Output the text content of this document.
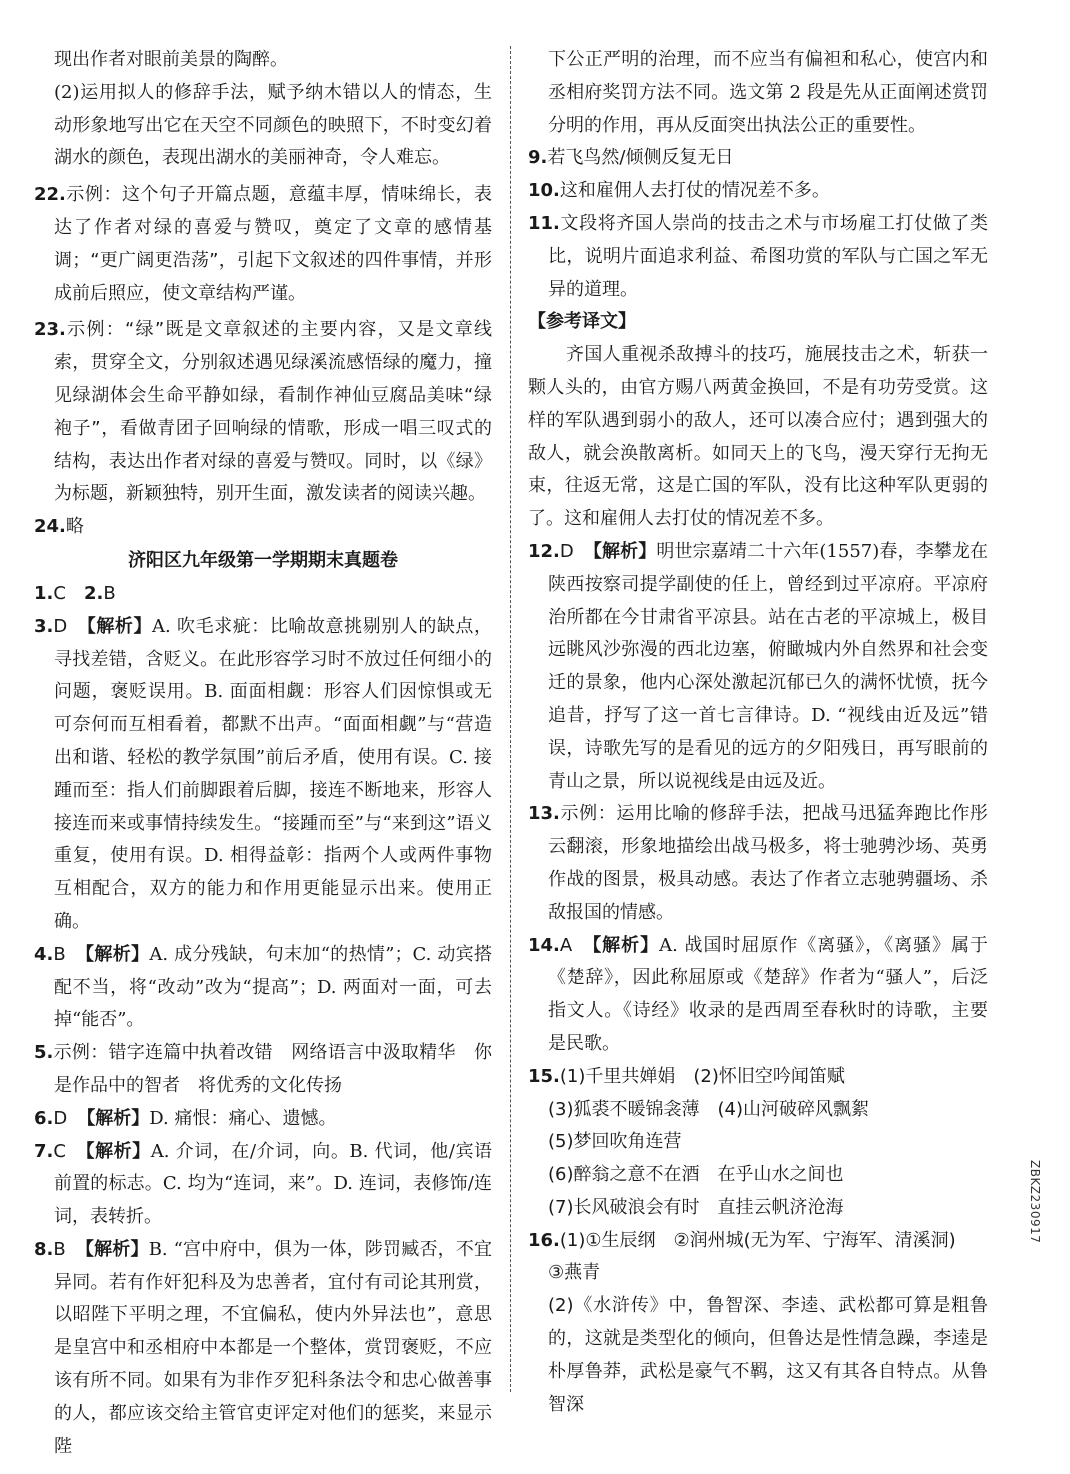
现出作者对眼前美景的陶醉。
(2)运用拟人的修辞手法，赋予纳木错以人的情态，生动形象地写出它在天空不同颜色的映照下，不时变幻着湖水的颜色，表现出湖水的美丽神奇，令人难忘。
22.示例：这个句子开篇点题，意蕴丰厚，情味绵长，表达了作者对绿的喜爱与赞叹，奠定了文章的感情基调；“更广阔更浩荡”，引起下文叙述的四件事情，并形成前后照应，使文章结构严谨。
23.示例：“绿”既是文章叙述的主要内容，又是文章线索，贯穿全文，分别叙述遇见绿溪流感悟绿的魔力，撞见绿湖体会生命平静如绿，看制作神仙豆腐品美味“绿袍子”，看做青团子回响绿的情歌，形成一唱三叹式的结构，表达出作者对绿的喜爱与赞叹。同时，以《绿》为标题，新颖独特，别开生面，激发读者的阅读兴趣。
24.略
济阳区九年级第一学期期末真题卷
1.C　 2.B
3.D 【解析】A. 吹毛求疵：比喻故意挑剔别人的缺点，寻找差错，含贬义。在此形容学习时不放过任何细小的问题，褒贬误用。B. 面面相觑：形容人们因惊惧或无可奈何而互相看着，都默不出声。“面面相觑”与“营造出和谐、轻松的教学氛围”前后矛盾，使用有误。C. 接踵而至：指人们前脚跟着后脚，接连不断地来，形容人接连而来或事情持续发生。“接踵而至”与“来到这”语义重复，使用有误。D. 相得益彰：指两个人或两件事物互相配合，双方的能力和作用更能显示出来。使用正确。
4.B 【解析】A. 成分残缺，句末加“的热情”；C. 动宾搭配不当，将“改动”改为“提高”；D. 两面对一面，可去掉“能否”。
5.示例：错字连篇中执着改错　网络语言中汲取精华　你是作品中的智者　将优秀的文化传扬
6.D 【解析】D. 痛恨：痛心、遗憾。
7.C 【解析】A. 介词，在/介词，向。B. 代词，他/宾语前置的标志。C. 均为“连词，来”。D. 连词，表修饰/连词，表转折。
8.B 【解析】B. “宫中府中，俱为一体，陟罚臧否，不宜异同。若有作奸犯科及为忠善者，宜付有司论其刑赏，以昭陛下平明之理，不宜偏私，使内外异法也”，意思是皇宫中和丞相府中本都是一个整体，赏罚褒贬，不应该有所不同。如果有为非作歹犯科条法令和忠心做善事的人，都应该交给主管官吏评定对他们的惩奖，来显示陛
下公正严明的治理，而不应当有偏袒和私心，使宫内和丞相府奖罚方法不同。选文第 2 段是先从正面阐述赏罚分明的作用，再从反面突出执法公正的重要性。
9.若飞鸟然/倾侧反复无日
10.这和雇佣人去打仗的情况差不多。
11.文段将齐国人崇尚的技击之术与市场雇工打仗做了类比，说明片面追求利益、希图功赏的军队与亡国之军无异的道理。
【参考译文】
齐国人重视杀敌搏斗的技巧，施展技击之术，斩获一颗人头的，由官方赐八两黄金换回，不是有功劳受赏。这样的军队遇到弱小的敌人，还可以凑合应付；遇到强大的敌人，就会涣散离析。如同天上的飞鸟，漫天穿行无拘无束，往返无常，这是亡国的军队，没有比这种军队更弱的了。这和雇佣人去打仗的情况差不多。
12.D 【解析】明世宗嘉靖二十六年(1557)春，李攀龙在陕西按察司提学副使的任上，曾经到过平凉府。平凉府治所都在今甘肃省平凉县。站在古老的平凉城上，极目远眺风沙弥漫的西北边塞，俯瞰城内外自然界和社会变迁的景象，他内心深处激起沉郁已久的满怀忧愤，抚今追昔，抒写了这一首七言律诗。D. “视线由近及远”错误，诗歌先写的是看见的远方的夕阳残日，再写眼前的青山之景，所以说视线是由远及近。
13.示例：运用比喻的修辞手法，把战马迅猛奔跑比作彤云翻滚，形象地描绘出战马极多，将士驰骋沙场、英勇作战的图景，极具动感。表达了作者立志驰骋疆场、杀敌报国的情感。
14.A 【解析】A. 战国时屈原作《离骚》，《离骚》属于《楚辞》，因此称屈原或《楚辞》作者为“骚人”，后泛指文人。《诗经》收录的是西周至春秋时的诗歌，主要是民歌。
15.(1)千里共婵娟　(2)怀旧空吟闻笛赋
(3)狐裘不暖锦衾薄　(4)山河破碎风飘絮
(5)梦回吹角连营
(6)醉翁之意不在酒　在乎山水之间也
(7)长风破浪会有时　直挂云帆济沧海
16.(1)①生辰纲　②润州城(无为军、宁海军、清溪洞)
③燕青
(2)《水浒传》中，鲁智深、李逵、武松都可算是粗鲁的，这就是类型化的倾向，但鲁达是性情急躁，李逵是朴厚鲁莽，武松是豪气不羁，这又有其各自特点。从鲁智深
ZBKZ230917
